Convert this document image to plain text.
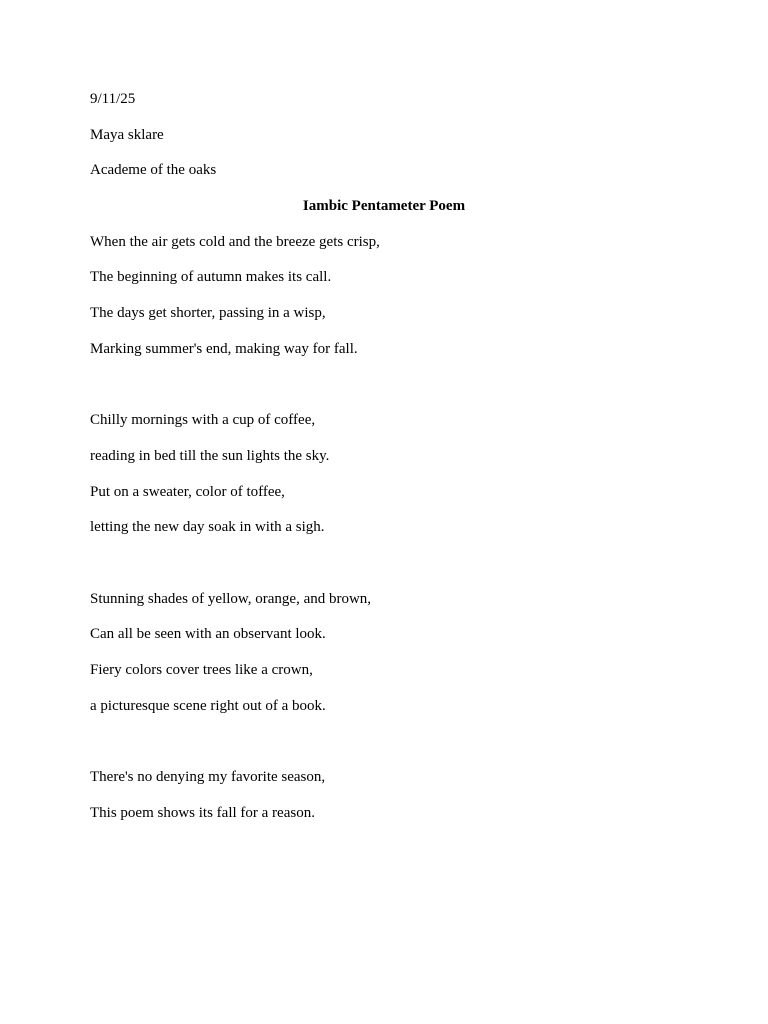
9/11/25
Maya sklare
Academe of the oaks
Iambic Pentameter Poem
When the air gets cold and the breeze gets crisp,
The beginning of autumn makes its call.
The days get shorter, passing in a wisp,
Marking summer's end, making way for fall.
Chilly mornings with a cup of coffee,
reading in bed till the sun lights the sky.
Put on a sweater, color of toffee,
letting the new day soak in with a sigh.
Stunning shades of yellow, orange, and brown,
Can all be seen with an observant look.
Fiery colors cover trees like a crown,
a picturesque scene right out of a book.
There's no denying my favorite season,
This poem shows its fall for a reason.
